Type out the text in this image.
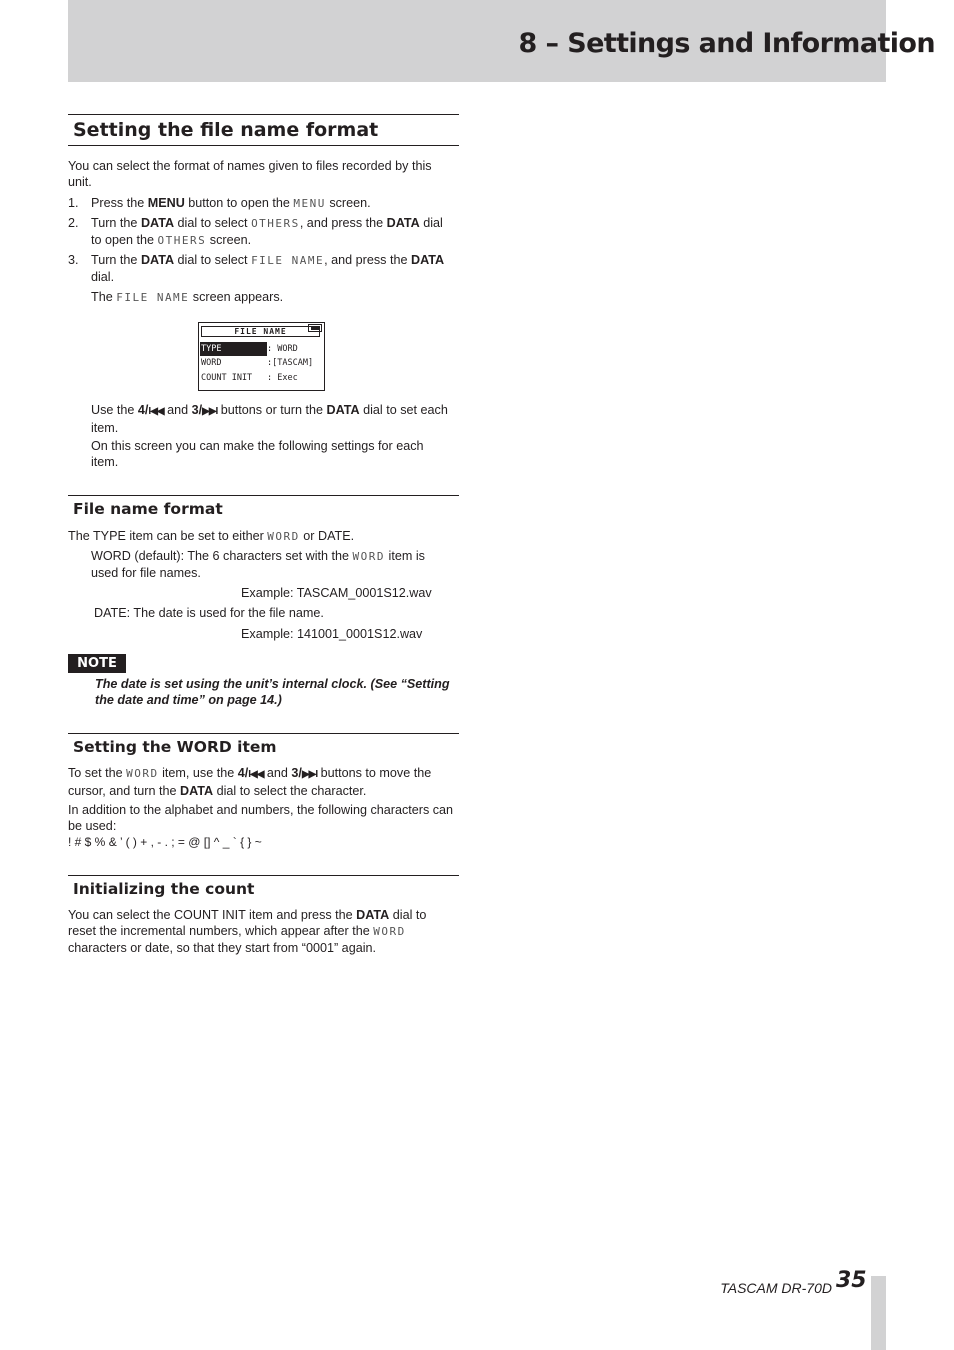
8 – Settings and Information
Setting the file name format

You can select the format of names given to files recorded by this unit.

1. Press the MENU button to open the MENU screen.

2. Turn the DATA dial to select OTHERS, and press the DATA dial to open the OTHERS screen.

3. Turn the DATA dial to select FILE NAME, and press the DATA dial.

The FILE NAME screen appears.

FILE NAME
TYPE	: WORD
WORD	:[TASCAM]
COUNT INIT	: Exec

Use the 4/I◀◀ and 3/▶▶I buttons or turn the DATA dial to set each item.

On this screen you can make the following settings for each item.

File name format

The TYPE item can be set to either WORD or DATE.

WORD (default): The 6 characters set with the WORD item is used for file names.

Example: TASCAM_0001S12.wav

DATE: The date is used for the file name.

Example: 141001_0001S12.wav

NOTE

The date is set using the unit’s internal clock. (See “Setting the date and time” on page 14.)

Setting the WORD item

To set the WORD item, use the 4/I◀◀ and 3/▶▶I buttons to move the cursor, and turn the DATA dial to select the character.

In addition to the alphabet and numbers, the following characters can be used:

! # $ % & ’ ( ) + , - . ; = @ [] ^ _ ` { } ~

Initializing the count

You can select the COUNT INIT item and press the DATA dial to reset the incremental numbers, which appear after the WORD characters or date, so that they start from “0001” again.

TASCAM DR-70D 35
